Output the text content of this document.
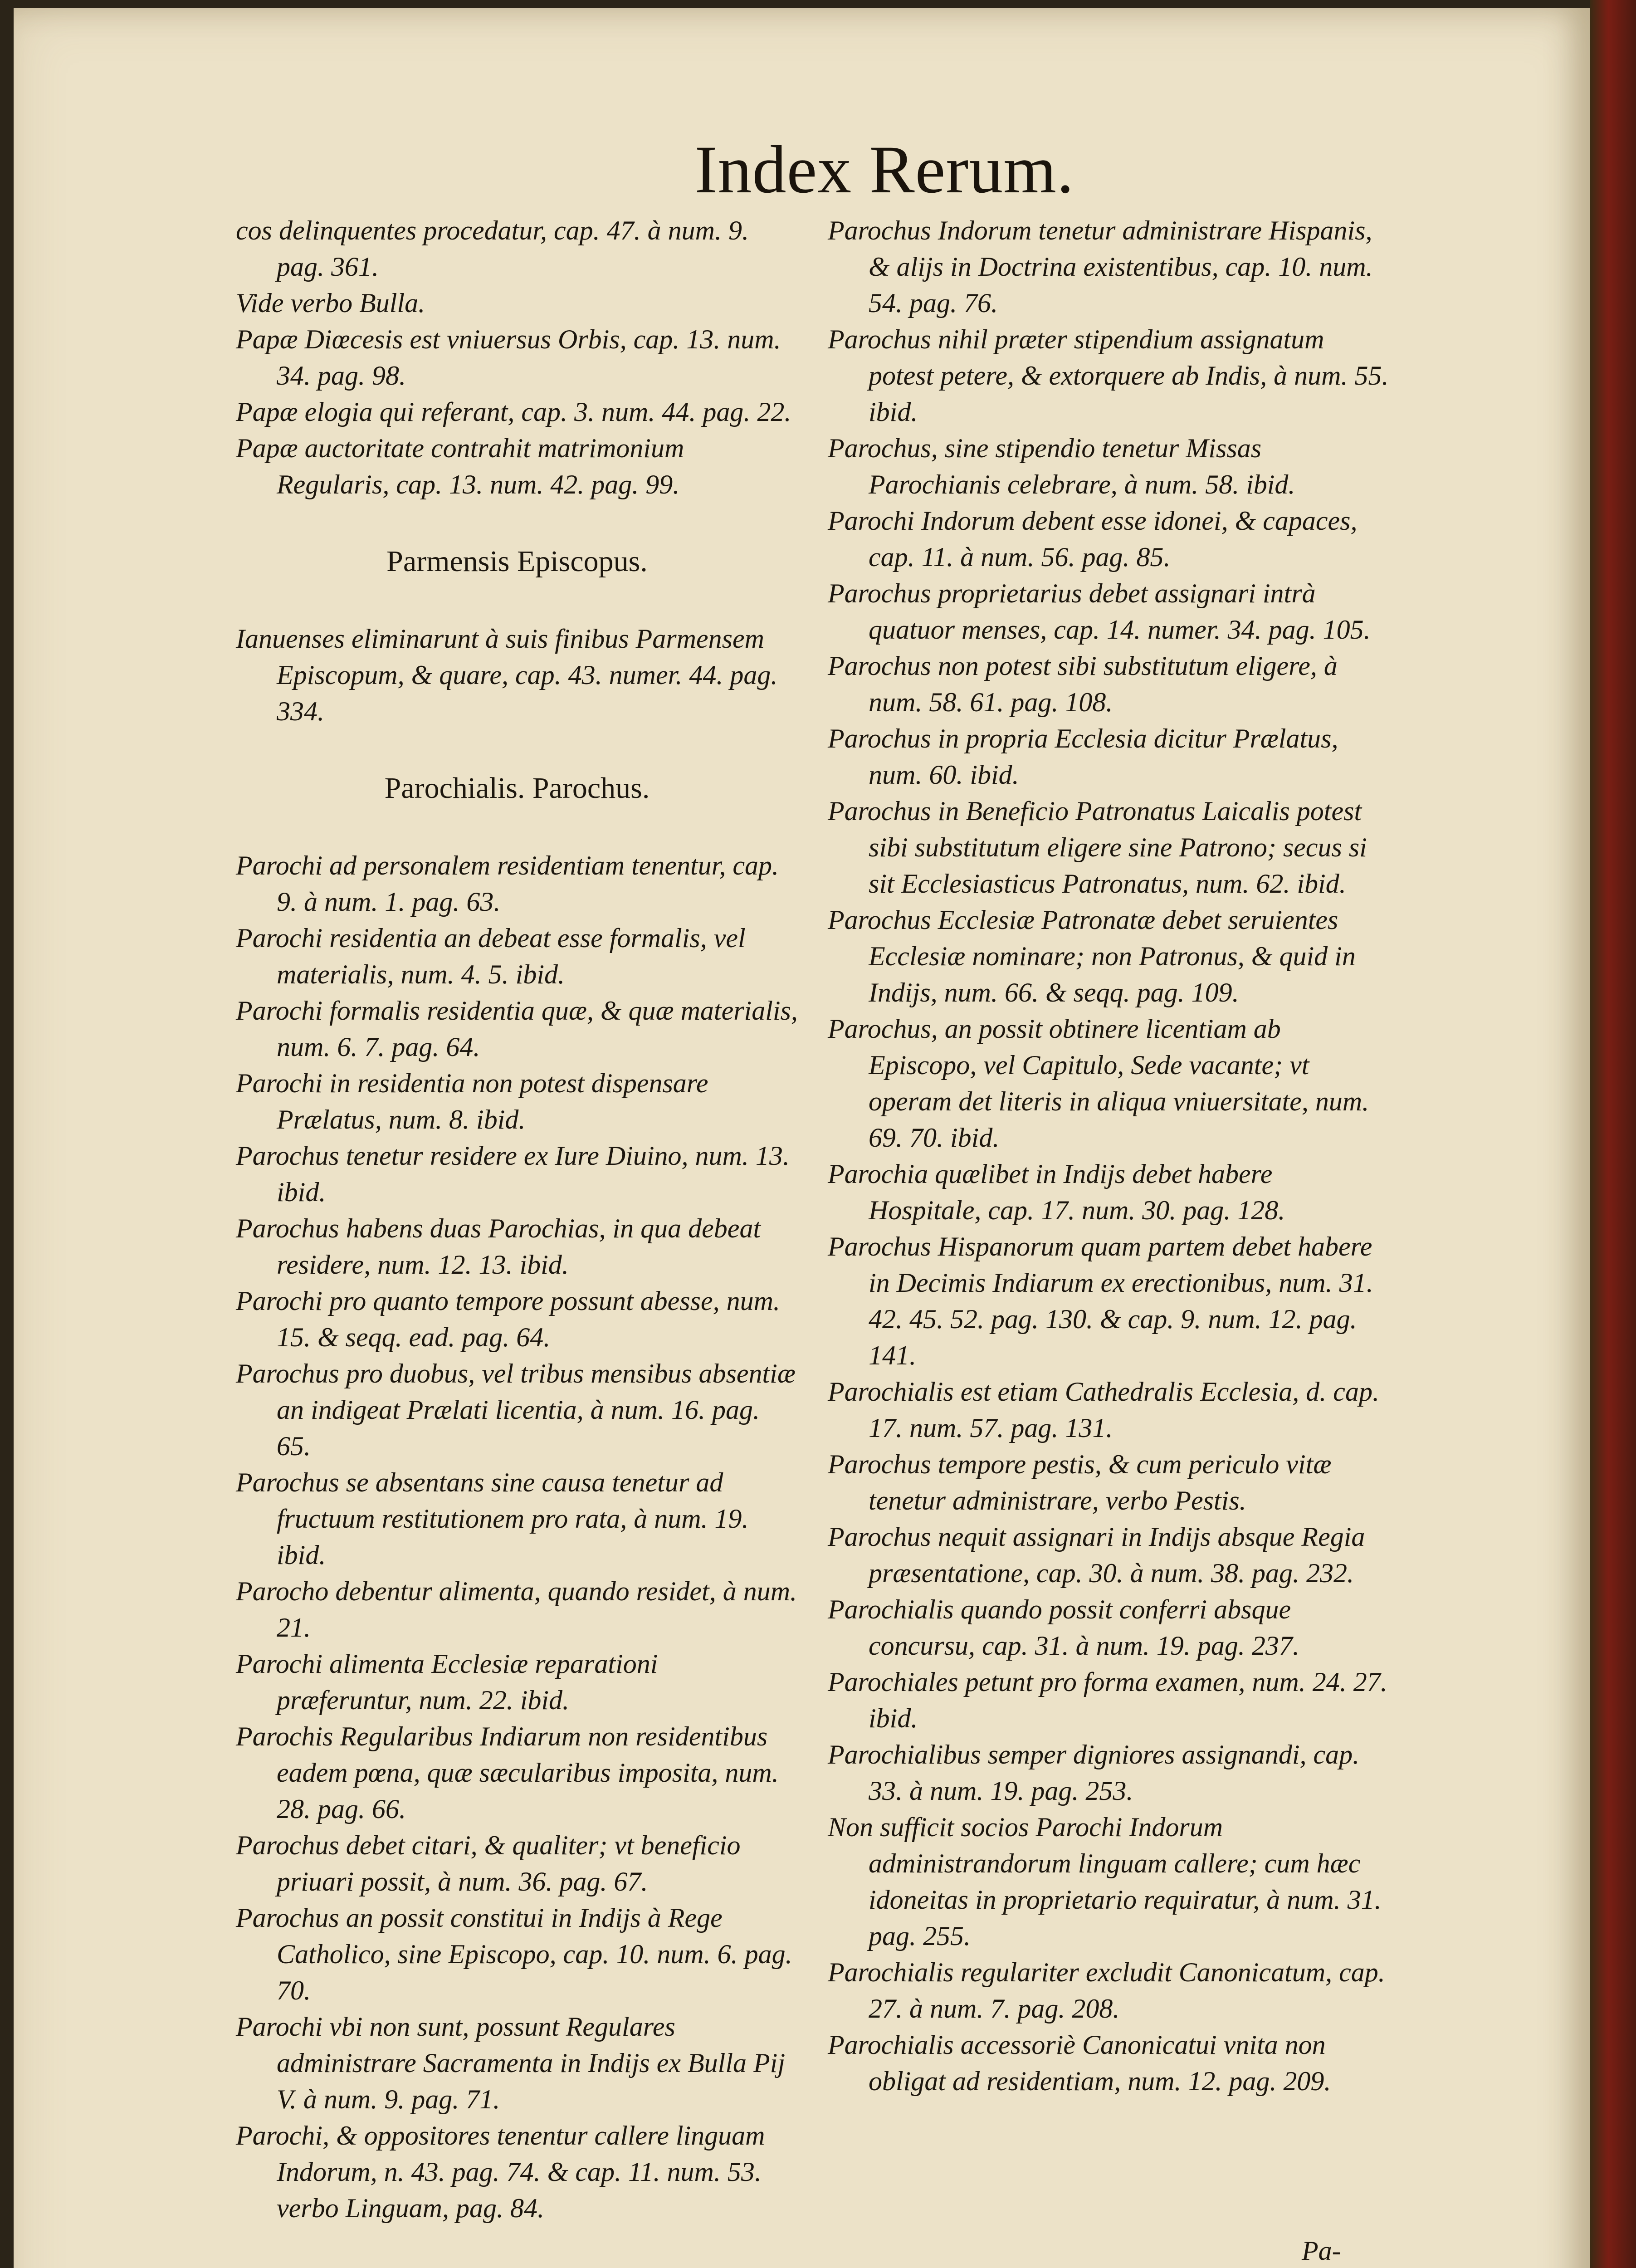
Index Rerum.
cos delinquentes procedatur, cap. 47. à num. 9. pag. 361.
Vide verbo Bulla.
Papæ Diœcesis est vniuersus Orbis, cap. 13. num. 34. pag. 98.
Papæ elogia qui referant, cap. 3. num. 44. pag. 22.
Papæ auctoritate contrahit matrimonium Regularis, cap. 13. num. 42. pag. 99.
Parmensis Episcopus.
Ianuenses eliminarunt à suis finibus Parmensem Episcopum, & quare, cap. 43. numer. 44. pag. 334.
Parochialis. Parochus.
Parochi ad personalem residentiam tenentur, cap. 9. à num. 1. pag. 63.
Parochi residentia an debeat esse formalis, vel materialis, num. 4. 5. ibid.
Parochi formalis residentia quæ, & quæ materialis, num. 6. 7. pag. 64.
Parochi in residentia non potest dispensare Prælatus, num. 8. ibid.
Parochus tenetur residere ex Iure Diuino, num. 13. ibid.
Parochus habens duas Parochias, in qua debeat residere, num. 12. 13. ibid.
Parochi pro quanto tempore possunt abesse, num. 15. & seqq. ead. pag. 64.
Parochus pro duobus, vel tribus mensibus absentiæ an indigeat Prælati licentia, à num. 16. pag. 65.
Parochus se absentans sine causa tenetur ad fructuum restitutionem pro rata, à num. 19. ibid.
Parocho debentur alimenta, quando residet, à num. 21.
Parochi alimenta Ecclesiæ reparationi præferuntur, num. 22. ibid.
Parochis Regularibus Indiarum non residentibus eadem pœna, quæ sæcularibus imposita, num. 28. pag. 66.
Parochus debet citari, & qualiter; vt beneficio priuari possit, à num. 36. pag. 67.
Parochus an possit constitui in Indijs à Rege Catholico, sine Episcopo, cap. 10. num. 6. pag. 70.
Parochi vbi non sunt, possunt Regulares administrare Sacramenta in Indijs ex Bulla Pij V. à num. 9. pag. 71.
Parochi, & oppositores tenentur callere linguam Indorum, n. 43. pag. 74. & cap. 11. num. 53. verbo Linguam, pag. 84.
Parochus Indorum tenetur administrare Hispanis, & alijs in Doctrina existentibus, cap. 10. num. 54. pag. 76.
Parochus nihil præter stipendium assignatum potest petere, & extorquere ab Indis, à num. 55. ibid.
Parochus, sine stipendio tenetur Missas Parochianis celebrare, à num. 58. ibid.
Parochi Indorum debent esse idonei, & capaces, cap. 11. à num. 56. pag. 85.
Parochus proprietarius debet assignari intrà quatuor menses, cap. 14. numer. 34. pag. 105.
Parochus non potest sibi substitutum eligere, à num. 58. 61. pag. 108.
Parochus in propria Ecclesia dicitur Prælatus, num. 60. ibid.
Parochus in Beneficio Patronatus Laicalis potest sibi substitutum eligere sine Patrono; secus si sit Ecclesiasticus Patronatus, num. 62. ibid.
Parochus Ecclesiæ Patronatæ debet seruientes Ecclesiæ nominare; non Patronus, & quid in Indijs, num. 66. & seqq. pag. 109.
Parochus, an possit obtinere licentiam ab Episcopo, vel Capitulo, Sede vacante; vt operam det literis in aliqua vniuersitate, num. 69. 70. ibid.
Parochia quælibet in Indijs debet habere Hospitale, cap. 17. num. 30. pag. 128.
Parochus Hispanorum quam partem debet habere in Decimis Indiarum ex erectionibus, num. 31. 42. 45. 52. pag. 130. & cap. 9. num. 12. pag. 141.
Parochialis est etiam Cathedralis Ecclesia, d. cap. 17. num. 57. pag. 131.
Parochus tempore pestis, & cum periculo vitæ tenetur administrare, verbo Pestis.
Parochus nequit assignari in Indijs absque Regia præsentatione, cap. 30. à num. 38. pag. 232.
Parochialis quando possit conferri absque concursu, cap. 31. à num. 19. pag. 237.
Parochiales petunt pro forma examen, num. 24. 27. ibid.
Parochialibus semper digniores assignandi, cap. 33. à num. 19. pag. 253.
Non sufficit socios Parochi Indorum administrandorum linguam callere; cum hæc idoneitas in proprietario requiratur, à num. 31. pag. 255.
Parochialis regulariter excludit Canonicatum, cap. 27. à num. 7. pag. 208.
Parochialis accessoriè Canonicatui vnita non obligat ad residentiam, num. 12. pag. 209.
Pa-
